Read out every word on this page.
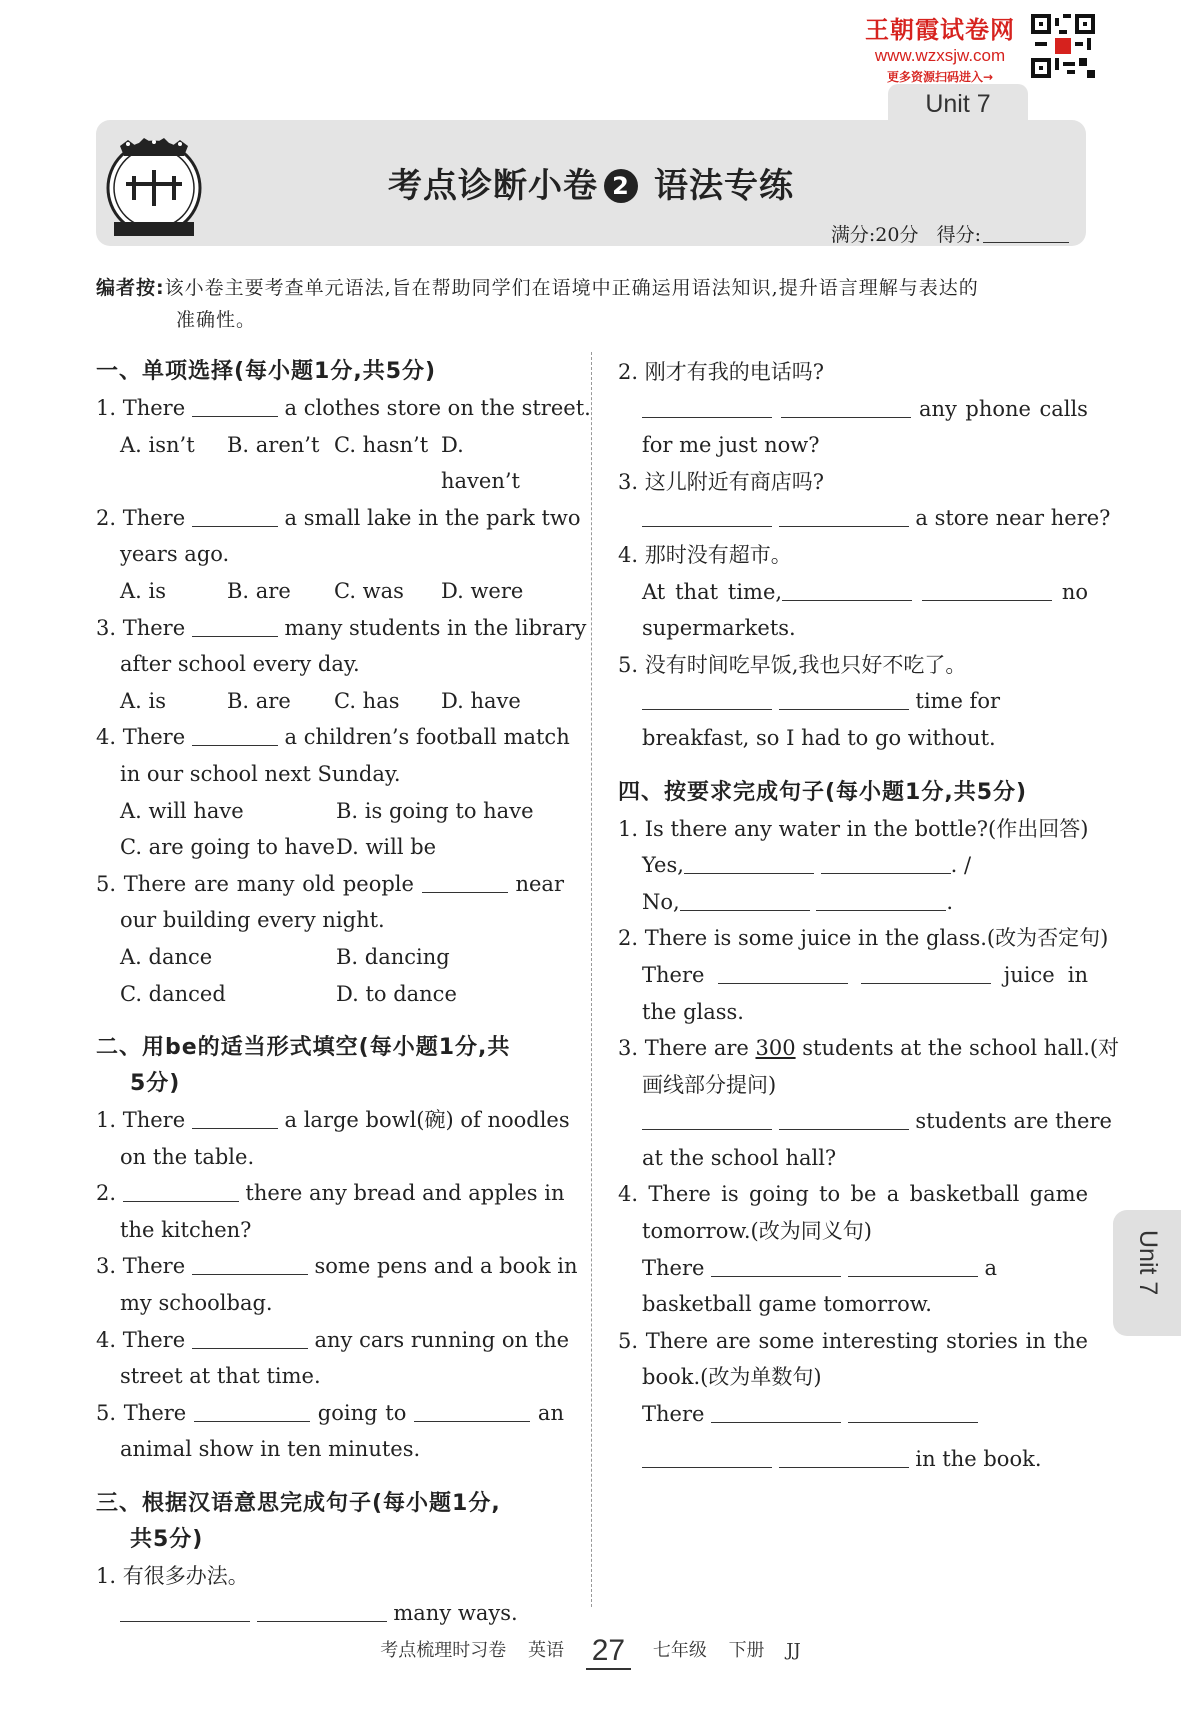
王朝霞试卷网
www.wzxsjw.com
更多资源扫码进入→
Unit 7
考点诊断小卷 2 语法专练
满分:20分 得分:
编者按:该小卷主要考查单元语法,旨在帮助同学们在语境中正确运用语法知识,提升语言理解与表达的
准确性。
一、单项选择(每小题1分,共5分)
1. There	a clothes store on the street.
A. isn’t	B. aren’t C. hasn’t D. haven’t
2. There	a small lake in the park two
years ago.
A. is	B. are	C. was	D. were
3. There	many students in the library
after school every day.
A. is	B. are	C. has	D. have
4. There	a children’s football match
in our school next Sunday.
A. will have	B. is going to have
C. are going to have D. will be
5. There are many old people	near
our building every night.
A. dance	B. dancing
C. danced	D. to dance
二、用be的适当形式填空(每小题1分,共
5分)
1. There	a large bowl(碗) of noodles
on the table.
2.	there any bread and apples in
the kitchen?
3. There	some pens and a book in
my schoolbag.
4. There	any cars running on the
street at that time.
5. There	going to	an
animal show in ten minutes.
三、根据汉语意思完成句子(每小题1分,
共5分)
1. 有很多办法。
many ways.
2. 刚才有我的电话吗?
any phone calls
for me just now?
3. 这儿附近有商店吗?
a store near here?
4. 那时没有超市。
At that time,	no
supermarkets.
5. 没有时间吃早饭,我也只好不吃了。
time for
breakfast, so I had to go without.
四、按要求完成句子(每小题1分,共5分)
1. Is there any water in the bottle?(作出回答)
Yes,	. /
No,	.
2. There is some juice in the glass.(改为否定句)
There	juice in
the glass.
3. There are 300 students at the school hall.(对
画线部分提问)
students are there
at the school hall?
4. There is going to be a basketball game
tomorrow.(改为同义句)
There	a
basketball game tomorrow.
5. There are some interesting stories in the
book.(改为单数句)
There
in the book.
Unit 7
考点梳理时习卷 英语 27 七年级 下册 JJ
